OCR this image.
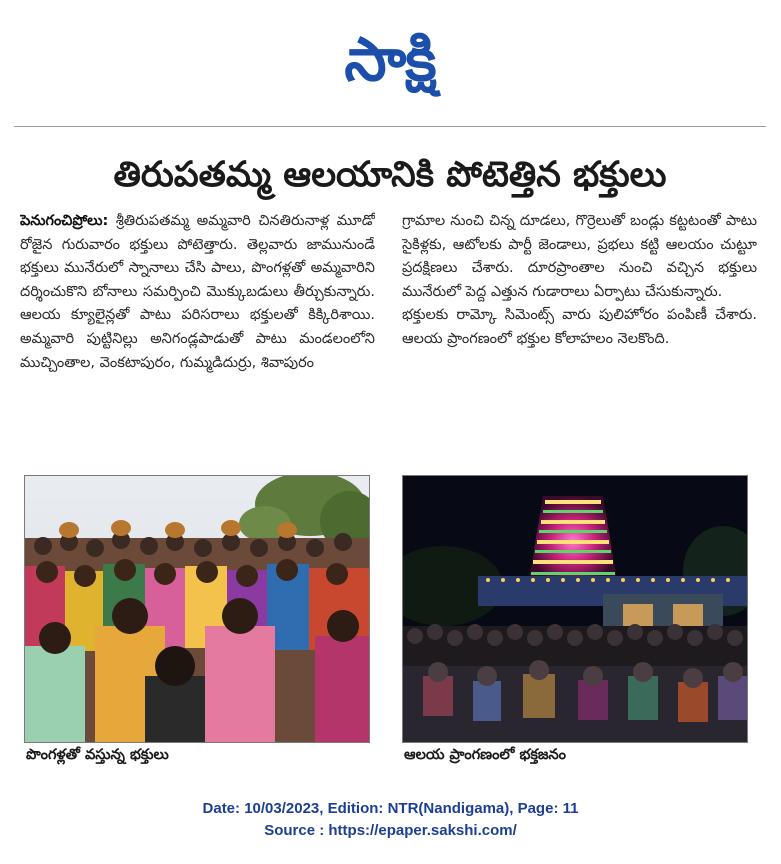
సాక్షి
తిరుపతమ్మ ఆలయానికి పోటెత్తిన భక్తులు

పెనుగంచిప్రోలు: శ్రీతిరుపతమ్మ అమ్మవారి చినతిరునాళ్ల మూడో రోజైన గురువారం భక్తులు పోటెత్తారు. తెల్లవారు జామునుండే భక్తులు మునేరులో స్నానాలు చేసి పాలు, పొంగళ్లతో అమ్మవారిని దర్శించుకొని బోనాలు సమర్పించి మొక్కుబడులు తీర్చుకున్నారు. ఆలయ క్యూలైన్లతో పాటు పరిసరాలు భక్తులతో కిక్కిరిశాయి. అమ్మవారి పుట్టినిల్లు అనిగండ్లపాడుతో పాటు మండలంలోని ముచ్చింతాల, వెంకటాపురం, గుమ్మడిదుర్రు, శివాపురం

గ్రామాల నుంచి చిన్న దూడలు, గొర్రెలుతో బండ్లు కట్టటంతో పాటు సైకిళ్లకు, ఆటోలకు పార్టీ జెండాలు, ప్రభలు కట్టి ఆలయం చుట్టూ ప్రదక్షిణలు చేశారు. దూరప్రాంతాల నుంచి వచ్చిన భక్తులు మునేరులో పెద్ద ఎత్తున గుడారాలు ఏర్పాటు చేసుకున్నారు.

భక్తులకు రామ్కో సిమెంట్స్ వారు పులిహోరం పంపిణీ చేశారు. ఆలయ ప్రాంగణంలో భక్తుల కోలాహలం నెలకొంది.

పొంగళ్లతో వస్తున్న భక్తులు	ఆలయ ప్రాంగణంలో భక్తజనం
Date: 10/03/2023, Edition: NTR(Nandigama), Page: 11
Source : https://epaper.sakshi.com/
